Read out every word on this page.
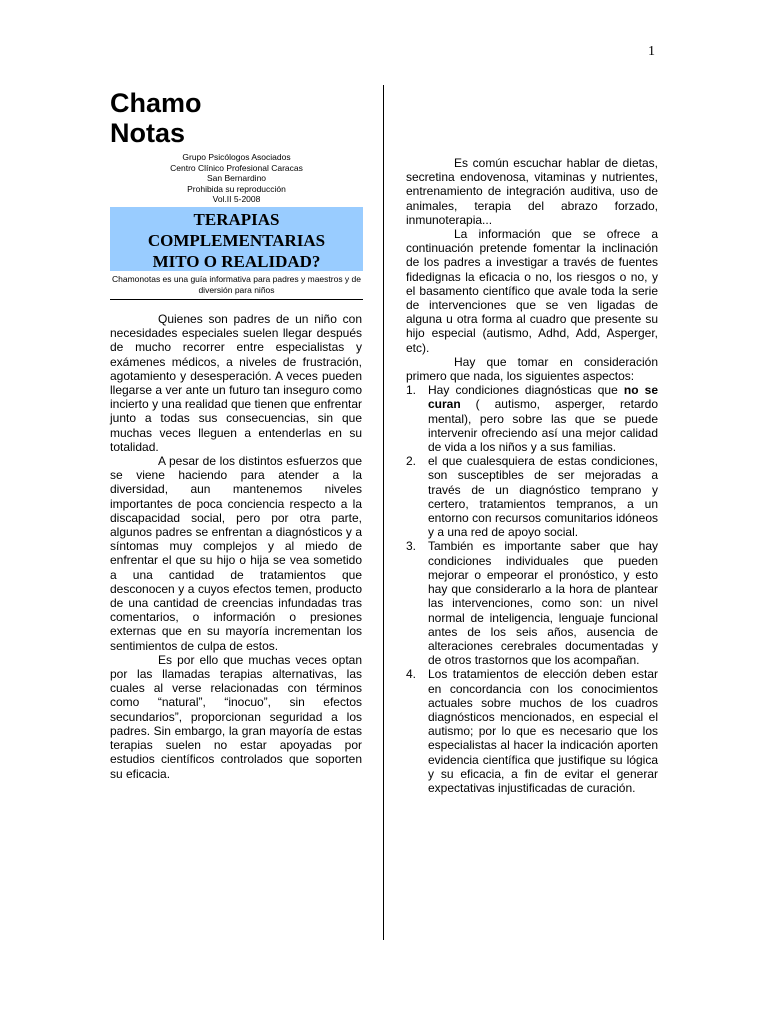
1
Chamo
Notas
Grupo Psicólogos Asociados
Centro Clínico Profesional Caracas
San Bernardino
Prohibida su reproducción
Vol.II 5-2008
TERAPIAS
COMPLEMENTARIAS
MITO O REALIDAD?
Chamonotas es una guía informativa para padres y maestros y de diversión para niños

Quienes son padres de un niño con necesidades especiales suelen llegar después de mucho recorrer entre especialistas y exámenes médicos, a niveles de frustración, agotamiento y desesperación. A veces pueden llegarse a ver ante un futuro tan inseguro como incierto y una realidad que tienen que enfrentar junto a todas sus consecuencias, sin que muchas veces lleguen a entenderlas en su totalidad.

A pesar de los distintos esfuerzos que se viene haciendo para atender a la diversidad, aun mantenemos niveles importantes de poca conciencia respecto a la discapacidad social, pero por otra parte, algunos padres se enfrentan a diagnósticos y a síntomas muy complejos y al miedo de enfrentar el que su hijo o hija se vea sometido a una cantidad de tratamientos que desconocen y a cuyos efectos temen, producto de una cantidad de creencias infundadas tras comentarios, o información o presiones externas que en su mayoría incrementan los sentimientos de culpa de estos.

Es por ello que muchas veces optan por las llamadas terapias alternativas, las cuales al verse relacionadas con términos como “natural”, “inocuo”, sin efectos secundarios”, proporcionan seguridad a los padres. Sin embargo, la gran mayoría de estas terapias suelen no estar apoyadas por estudios científicos controlados que soporten su eficacia.

Es común escuchar hablar de dietas, secretina endovenosa, vitaminas y nutrientes, entrenamiento de integración auditiva, uso de animales, terapia del abrazo forzado, inmunoterapia...

La información que se ofrece a continuación pretende fomentar la inclinación de los padres a investigar a través de fuentes fidedignas la eficacia o no, los riesgos o no, y el basamento científico que avale toda la serie de intervenciones que se ven ligadas de alguna u otra forma al cuadro que presente su hijo especial (autismo, Adhd, Add, Asperger, etc).

Hay que tomar en consideración primero que nada, los siguientes aspectos:

1. Hay condiciones diagnósticas que no se curan ( autismo, asperger, retardo mental), pero sobre las que se puede intervenir ofreciendo así una mejor calidad de vida a los niños y a sus familias.
2. el que cualesquiera de estas condiciones, son susceptibles de ser mejoradas a través de un diagnóstico temprano y certero, tratamientos tempranos, a un entorno con recursos comunitarios idóneos y a una red de apoyo social.
3. También es importante saber que hay condiciones individuales que pueden mejorar o empeorar el pronóstico, y esto hay que considerarlo a la hora de plantear las intervenciones, como son: un nivel normal de inteligencia, lenguaje funcional antes de los seis años, ausencia de alteraciones cerebrales documentadas y de otros trastornos que los acompañan.
4. Los tratamientos de elección deben estar en concordancia con los conocimientos actuales sobre muchos de los cuadros diagnósticos mencionados, en especial el autismo; por lo que es necesario que los especialistas al hacer la indicación aporten evidencia científica que justifique su lógica y su eficacia, a fin de evitar el generar expectativas injustificadas de curación.
